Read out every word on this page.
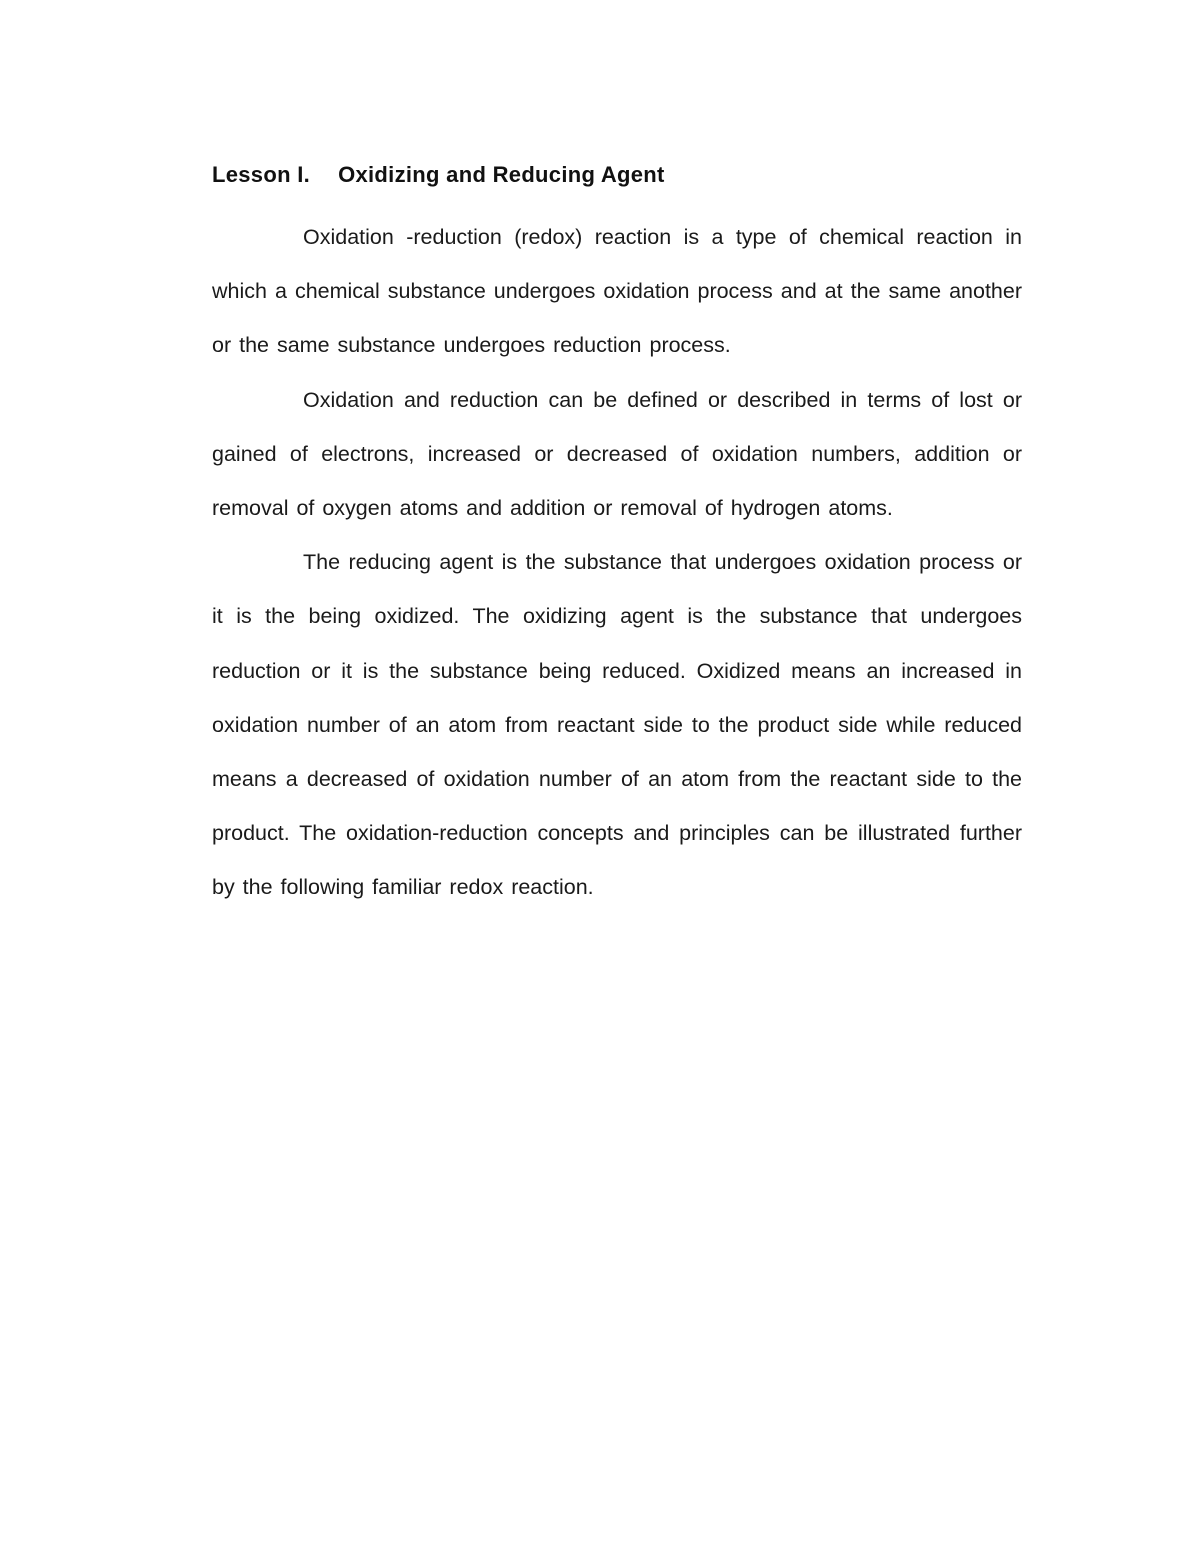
Lesson I. Oxidizing and Reducing Agent

Oxidation -reduction (redox) reaction is a type of chemical reaction in which a chemical substance undergoes oxidation process and at the same another or the same substance undergoes reduction process.

Oxidation and reduction can be defined or described in terms of lost or gained of electrons, increased or decreased of oxidation numbers, addition or removal of oxygen atoms and addition or removal of hydrogen atoms.

The reducing agent is the substance that undergoes oxidation process or it is the being oxidized. The oxidizing agent is the substance that undergoes reduction or it is the substance being reduced. Oxidized means an increased in oxidation number of an atom from reactant side to the product side while reduced means a decreased of oxidation number of an atom from the reactant side to the product. The oxidation-reduction concepts and principles can be illustrated further by the following familiar redox reaction.
